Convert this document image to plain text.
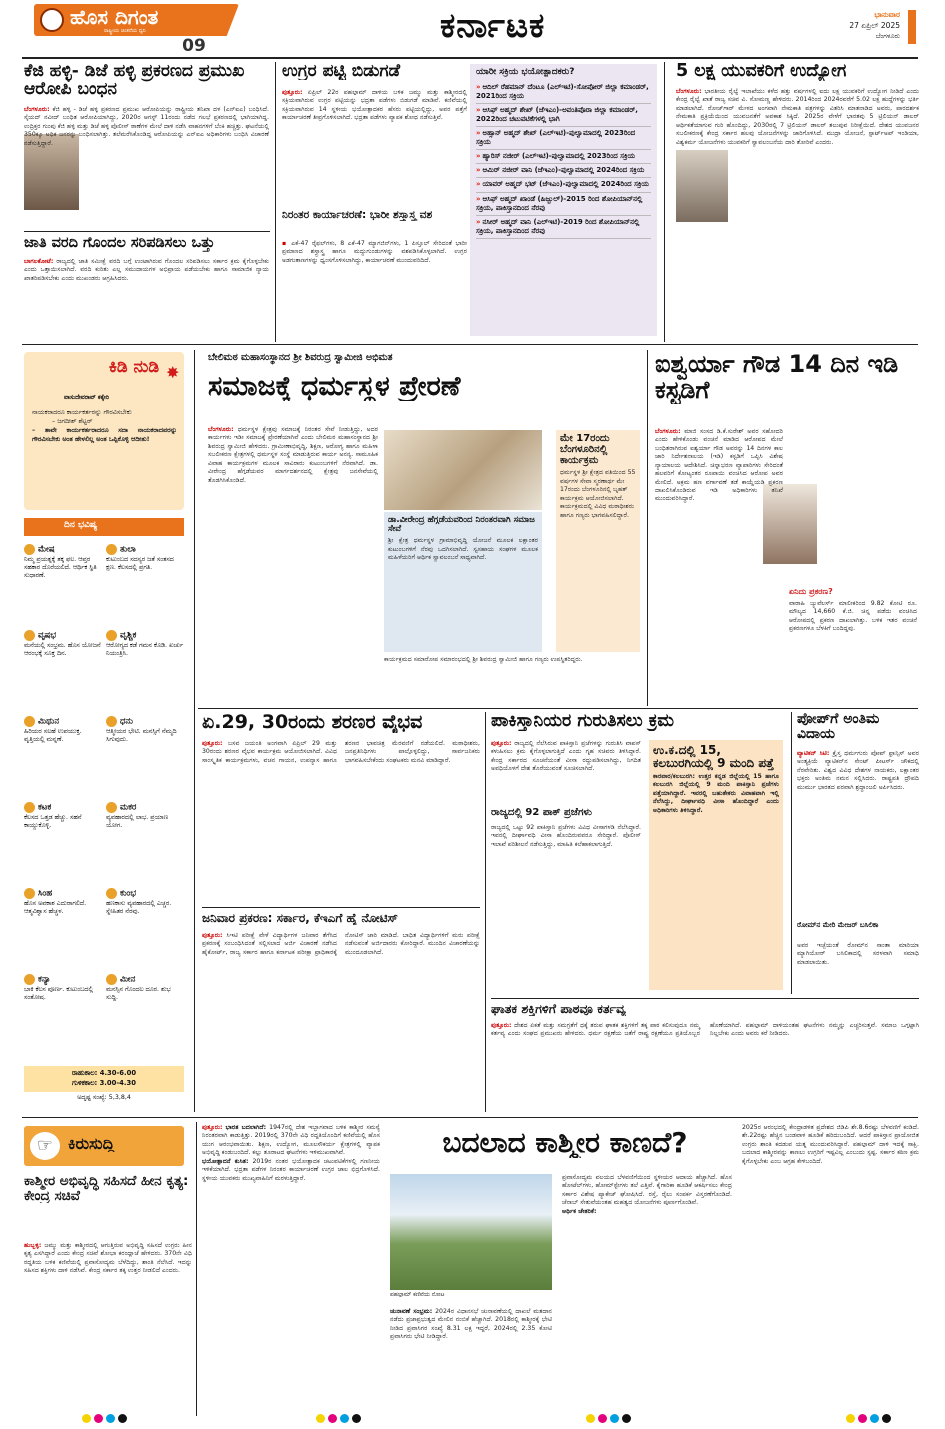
ಹೊಸ ದಿಗಂತ
ರಾಷ್ಟ್ರೀಯ ಚಿಂತನೆಯ ಧ್ವನಿ
09	ಕರ್ನಾಟಕ	ಭಾನುವಾರ
27 ಏಪ್ರಿಲ್ 2025
ಬೆಂಗಳೂರು
ಕೆಜಿ ಹಳ್ಳಿ- ಡಿಜೆ ಹಳ್ಳಿ ಪ್ರಕರಣದ ಪ್ರಮುಖ ಆರೋಪಿ ಬಂಧನ
ಬೆಂಗಳೂರು: ಕೆಜಿ ಹಳ್ಳಿ - ಡಿಜೆ ಹಳ್ಳಿ ಪ್ರಕರಣದ ಪ್ರಮುಖ ಆರೋಪಿಯನ್ನು ರಾಷ್ಟ್ರೀಯ ತನಿಖಾ ದಳ (ಎನ್‌ಐಎ) ಬಂಧಿಸಿದೆ. ಸೈಯದ್ ನವೀದ್ ಬಂಧಿತ ಆರೋಪಿಯಾಗಿದ್ದು, 2020ರ ಆಗಸ್ಟ್ 11ರಂದು ನಡೆದ ಗಲಭೆ ಪ್ರಕರಣದಲ್ಲಿ ಭಾಗಿಯಾಗಿದ್ದ. ಉದ್ರಿಕ್ತರ ಗುಂಪು ಕೆಜಿ ಹಳ್ಳಿ ಮತ್ತು ಡಿಜೆ ಹಳ್ಳಿ ಪೊಲೀಸ್ ಠಾಣೆಗಳ ಮೇಲೆ ದಾಳಿ ನಡೆಸಿ ವಾಹನಗಳಿಗೆ ಬೆಂಕಿ ಹಚ್ಚಿತ್ತು. ಘಟನೆಯಲ್ಲಿ 350ಕ್ಕೂ ಅಧಿಕ ಜನರನ್ನು ಬಂಧಿಸಲಾಗಿತ್ತು. ತಲೆಮರೆಸಿಕೊಂಡಿದ್ದ ಆರೋಪಿಯನ್ನು ಎನ್‌ಐಎ ಅಧಿಕಾರಿಗಳು ಬಂಧಿಸಿ ವಿಚಾರಣೆ ನಡೆಸುತ್ತಿದ್ದಾರೆ.
ಜಾತಿ ವರದಿ ಗೊಂದಲ ಸರಿಪಡಿಸಲು ಒತ್ತು
ಬಾಗಲಕೋಟೆ: ರಾಜ್ಯದಲ್ಲಿ ಜಾತಿ ಸಮೀಕ್ಷೆ ವರದಿ ಬಗ್ಗೆ ಉಂಟಾಗಿರುವ ಗೊಂದಲ ಸರಿಪಡಿಸಲು ಸರ್ಕಾರ ಕ್ರಮ ಕೈಗೊಳ್ಳಬೇಕು ಎಂದು ಒತ್ತಾಯಿಸಲಾಗಿದೆ. ವರದಿ ಕುರಿತು ಎಲ್ಲ ಸಮುದಾಯಗಳ ಅಭಿಪ್ರಾಯ ಪಡೆಯಬೇಕು ಹಾಗೂ ಸಾಮಾಜಿಕ ನ್ಯಾಯ ಖಾತರಿಪಡಿಸಬೇಕು ಎಂದು ಮುಖಂಡರು ಆಗ್ರಹಿಸಿದರು.
ಉಗ್ರರ ಪಟ್ಟಿ ಬಿಡುಗಡೆ
ಪುತ್ತೂರು: ಏಪ್ರಿಲ್ 22ರ ಪಹಲ್ಗಾಮ್ ದಾಳಿಯ ಬಳಿಕ ಜಮ್ಮು ಮತ್ತು ಕಾಶ್ಮೀರದಲ್ಲಿ ಸಕ್ರಿಯವಾಗಿರುವ ಉಗ್ರರ ಪಟ್ಟಿಯನ್ನು ಭದ್ರತಾ ಪಡೆಗಳು ಬಿಡುಗಡೆ ಮಾಡಿವೆ. ಕಣಿವೆಯಲ್ಲಿ ಸಕ್ರಿಯವಾಗಿರುವ 14 ಸ್ಥಳೀಯ ಭಯೋತ್ಪಾದಕರ ಹೆಸರು ಪಟ್ಟಿಯಲ್ಲಿದ್ದು, ಅವರ ಪತ್ತೆಗೆ ಕಾರ್ಯಾಚರಣೆ ತೀವ್ರಗೊಳಿಸಲಾಗಿದೆ. ಭದ್ರತಾ ಪಡೆಗಳು ವ್ಯಾಪಕ ಶೋಧ ನಡೆಸುತ್ತಿವೆ.
ನಿರಂತರ ಕಾರ್ಯಾಚರಣೆ: ಭಾರೀ ಶಸ್ತ್ರಾಸ್ತ್ರ ವಶ
▪ ಎಕೆ-47 ರೈಫಲ್‌ಗಳು, 8 ಎಕೆ-47 ಮ್ಯಾಗಜಿನ್‌ಗಳು, 1 ಪಿಸ್ತೂಲ್ ಸೇರಿದಂತೆ ಭಾರೀ ಪ್ರಮಾಣದ ಶಸ್ತ್ರಾಸ್ತ್ರ ಹಾಗೂ ಮದ್ದುಗುಂಡುಗಳನ್ನು ವಶಪಡಿಸಿಕೊಳ್ಳಲಾಗಿದೆ. ಉಗ್ರರ ಅಡಗುತಾಣಗಳನ್ನು ಧ್ವಂಸಗೊಳಿಸಲಾಗಿದ್ದು, ಕಾರ್ಯಾಚರಣೆ ಮುಂದುವರಿದಿದೆ.
ಯಾರೀ ಸಕ್ರಿಯ ಭಯೋತ್ಪಾದಕರು?
» ಆದಿಲ್ ರೆಹಮಾನ್ ದೆಂಟೂ (ಎಲ್‌ಇಟಿ)-ಸೋಪೋರ್ ಜಿಲ್ಲಾ ಕಮಾಂಡರ್, 2021ರಿಂದ ಸಕ್ರಿಯ
» ಆಸಿಫ್ ಅಹ್ಮದ್ ಶೇಖ್ (ಜೆಇಎಂ)-ಅವಂತಿಪೊರಾ ಜಿಲ್ಲಾ ಕಮಾಂಡರ್, 2022ರಿಂದ ಚಟುವಟಿಕೆಗಳಲ್ಲಿ ಭಾಗಿ
» ಅಹ್ಸಾನ್ ಅಹ್ಮದ್ ಶೇಖ್ (ಎಲ್‌ಇಟಿ)-ಪುಲ್ವಾಮಾದಲ್ಲಿ 2023ರಿಂದ ಸಕ್ರಿಯ
» ಹ್ಯಾರಿಸ್ ನಜೀರ್ (ಎಲ್‌ಇಟಿ)-ಪುಲ್ವಾಮಾದಲ್ಲಿ 2023ರಿಂದ ಸಕ್ರಿಯ
» ಆಮಿರ್ ನಜೀರ್ ವಾನಿ (ಜೆಇಎಂ)-ಪುಲ್ವಾಮಾದಲ್ಲಿ 2024ರಿಂದ ಸಕ್ರಿಯ
» ಯಾವರ್ ಅಹ್ಮದ್ ಭಟ್ (ಜೆಇಎಂ)-ಪುಲ್ವಾಮಾದಲ್ಲಿ 2024ರಿಂದ ಸಕ್ರಿಯ
» ಆಸಿಫ್ ಅಹ್ಮದ್ ಖಾಂಡೆ (ಹಿಜ್ಬುಲ್)-2015 ರಿಂದ ಶೋಪಿಯಾನ್‌ನಲ್ಲಿ ಸಕ್ರಿಯ, ಪಾಕಿಸ್ತಾನದಿಂದ ನೆರವು
» ನಸೀರ್ ಅಹ್ಮದ್ ವಾನಿ (ಎಲ್‌ಇಟಿ)-2019 ರಿಂದ ಶೋಪಿಯಾನ್‌ನಲ್ಲಿ ಸಕ್ರಿಯ, ಪಾಕಿಸ್ತಾನದಿಂದ ನೆರವು
5 ಲಕ್ಷ ಯುವಕರಿಗೆ ಉದ್ಯೋಗ
ಬೆಂಗಳೂರು: ಭಾರತೀಯ ರೈಲ್ವೆ ಇಲಾಖೆಯು ಕಳೆದ ಹತ್ತು ವರ್ಷಗಳಲ್ಲಿ ಐದು ಲಕ್ಷ ಯುವಕರಿಗೆ ಉದ್ಯೋಗ ನೀಡಿದೆ ಎಂದು ಕೇಂದ್ರ ರೈಲ್ವೆ ಖಾತೆ ರಾಜ್ಯ ಸಚಿವ ವಿ. ಸೋಮಣ್ಣ ಹೇಳಿದರು. 2014ರಿಂದ 2024ರವರೆಗೆ 5.02 ಲಕ್ಷ ಹುದ್ದೆಗಳನ್ನು ಭರ್ತಿ ಮಾಡಲಾಗಿದೆ. ರೋಜ್‌ಗಾರ್ ಮೇಳದ ಅಂಗವಾಗಿ ನೇಮಕಾತಿ ಪತ್ರಗಳನ್ನು ವಿತರಿಸಿ ಮಾತನಾಡಿದ ಅವರು, ಪಾರದರ್ಶಕ ನೇಮಕಾತಿ ಪ್ರಕ್ರಿಯೆಯಿಂದ ಯುವಜನತೆಗೆ ಅವಕಾಶ ಸಿಕ್ಕಿದೆ. 2025ರ ವೇಳೆಗೆ ಭಾರತವು 5 ಟ್ರಿಲಿಯನ್ ಡಾಲರ್ ಆರ್ಥಿಕತೆಯಾಗುವ ಗುರಿ ಹೊಂದಿದ್ದು, 2030ರಲ್ಲಿ 7 ಟ್ರಿಲಿಯನ್ ಡಾಲರ್ ತಲುಪುವ ನಿರೀಕ್ಷೆಯಿದೆ. ದೇಶದ ಯುವಜನರ ಸಬಲೀಕರಣಕ್ಕೆ ಕೇಂದ್ರ ಸರ್ಕಾರ ಹಲವು ಯೋಜನೆಗಳನ್ನು ಜಾರಿಗೊಳಿಸಿದೆ. ಮುದ್ರಾ ಯೋಜನೆ, ಸ್ಟಾರ್ಟ್ಅಪ್ ಇಂಡಿಯಾ, ವಿಶ್ವಕರ್ಮ ಯೋಜನೆಗಳು ಯುವಕರಿಗೆ ಸ್ವಾವಲಂಬನೆಯ ದಾರಿ ತೋರಿವೆ ಎಂದರು.
ಕಿಡಿ ನುಡಿ ✸
ವಾಸುದೇವರಾವ್ ಕಕ್ಕೇರಿ
ನಾಯಕರಾದರೂ ಕಾರ್ಯಕರ್ತರನ್ನು ಗೌರವಿಸಬೇಕು
– ಜಗದೀಶ್ ಶೆಟ್ಟರ್
– ತಾವೇ ಕಾರ್ಯಕರ್ತರಾದರೂ ಸದಾ ನಾಯಕರಾದವರನ್ನು ಗೌರವಿಸಬೇಕು ಅಂತ ಹೇಳಲಿಲ್ಲ ಅಂತ ಒಪ್ಪಿಕೊಳ್ಳಿ ಆದೀತು!
ದಿನ ಭವಿಷ್ಯ
ಮೇಷ
ನಿಮ್ಮ ಪ್ರಯತ್ನಕ್ಕೆ ತಕ್ಕ ಫಲ. ಆಪ್ತರ ಸಹಕಾರ ದೊರೆಯಲಿದೆ. ಆರ್ಥಿಕ ಸ್ಥಿತಿ ಸುಧಾರಣೆ.
ತುಲಾ
ಕುಟುಂಬದ ಸದಸ್ಯರ ಜತೆ ಸಂತಸದ ಕ್ಷಣ. ಕೆಲಸದಲ್ಲಿ ಪ್ರಗತಿ.
ವೃಷಭ
ಮನೆಯಲ್ಲಿ ಸಂಭ್ರಮ. ಹೊಸ ಯೋಜನೆ ಆರಂಭಕ್ಕೆ ಸೂಕ್ತ ದಿನ.
ವೃಶ್ಚಿಕ
ಆರೋಗ್ಯದ ಕಡೆ ಗಮನ ಕೊಡಿ. ಖರ್ಚು ನಿಯಂತ್ರಿಸಿ.
ಮಿಥುನ
ಹಿರಿಯರ ಸಲಹೆ ಉಪಯುಕ್ತ. ವೃತ್ತಿಯಲ್ಲಿ ಮನ್ನಣೆ.
ಧನು
ಆತ್ಮೀಯರ ಭೇಟಿ. ಮನಸ್ಸಿಗೆ ನೆಮ್ಮದಿ ಸಿಗುವುದು.
ಕಟಕ
ಕೆಲಸದ ಒತ್ತಡ ಹೆಚ್ಚು. ಸಹನೆ ಕಾಯ್ದುಕೊಳ್ಳಿ.
ಮಕರ
ವ್ಯವಹಾರದಲ್ಲಿ ಲಾಭ. ಪ್ರಯಾಣ ಯೋಗ.
ಸಿಂಹ
ಹೊಸ ಅವಕಾಶ ಎದುರಾಗಲಿದೆ. ಆತ್ಮವಿಶ್ವಾಸ ಹೆಚ್ಚಳ.
ಕುಂಭ
ಹಣಕಾಸು ವ್ಯವಹಾರದಲ್ಲಿ ಎಚ್ಚರ. ಸ್ನೇಹಿತರ ನೆರವು.
ಕನ್ಯಾ
ಬಾಕಿ ಕೆಲಸ ಪೂರ್ಣ. ಕುಟುಂಬದಲ್ಲಿ ಸಂತೋಷ.
ಮೀನ
ಮನಸ್ಸಿನ ಗೊಂದಲ ದೂರ. ಶುಭ ಸುದ್ದಿ.
ರಾಹುಕಾಲ: 4.30-6.00
ಗುಳಿಕಕಾಲ: 3.00-4.30
ಅದೃಷ್ಟ ಸಂಖ್ಯೆ: 5,3,8,4
ಬೇಲಿಮಠ ಮಹಾಸಂಸ್ಥಾನದ ಶ್ರೀ ಶಿವರುದ್ರ ಸ್ವಾಮೀಜಿ ಅಭಿಮತ
ಸಮಾಜಕ್ಕೆ ಧರ್ಮಸ್ಥಳ ಪ್ರೇರಣೆ
ಬೆಂಗಳೂರು: ಧರ್ಮಸ್ಥಳ ಕ್ಷೇತ್ರವು ಸಮಾಜಕ್ಕೆ ನಿರಂತರ ಸೇವೆ ನೀಡುತ್ತಿದ್ದು, ಅದರ ಕಾರ್ಯಗಳು ಇಡೀ ಸಮಾಜಕ್ಕೆ ಪ್ರೇರಣೆಯಾಗಿವೆ ಎಂದು ಬೇಲಿಮಠ ಮಹಾಸಂಸ್ಥಾನದ ಶ್ರೀ ಶಿವರುದ್ರ ಸ್ವಾಮೀಜಿ ಹೇಳಿದರು. ಗ್ರಾಮೀಣಾಭಿವೃದ್ಧಿ, ಶಿಕ್ಷಣ, ಆರೋಗ್ಯ ಹಾಗೂ ಮಹಿಳಾ ಸಬಲೀಕರಣ ಕ್ಷೇತ್ರಗಳಲ್ಲಿ ಧರ್ಮಸ್ಥಳ ಸಂಸ್ಥೆ ಮಾಡುತ್ತಿರುವ ಕಾರ್ಯ ಅನನ್ಯ. ಸಾಮೂಹಿಕ ವಿವಾಹ ಕಾರ್ಯಕ್ರಮಗಳ ಮೂಲಕ ಸಾವಿರಾರು ಕುಟುಂಬಗಳಿಗೆ ನೆರವಾಗಿದೆ. ಡಾ. ವೀರೇಂದ್ರ ಹೆಗ್ಗಡೆಯವರ ಮಾರ್ಗದರ್ಶನದಲ್ಲಿ ಕ್ಷೇತ್ರವು ಜನಸೇವೆಯಲ್ಲಿ ತೊಡಗಿಸಿಕೊಂಡಿದೆ.
ಡಾ.ವೀರೇಂದ್ರ ಹೆಗ್ಗಡೆಯವರಿಂದ ನಿರಂತರವಾಗಿ ಸಮಾಜ ಸೇವೆ
ಶ್ರೀ ಕ್ಷೇತ್ರ ಧರ್ಮಸ್ಥಳ ಗ್ರಾಮಾಭಿವೃದ್ಧಿ ಯೋಜನೆ ಮೂಲಕ ಲಕ್ಷಾಂತರ ಕುಟುಂಬಗಳಿಗೆ ನೆರವು ಒದಗಿಸಲಾಗಿದೆ. ಸ್ವಸಹಾಯ ಸಂಘಗಳ ಮೂಲಕ ಮಹಿಳೆಯರಿಗೆ ಆರ್ಥಿಕ ಸ್ವಾವಲಂಬನೆ ಸಾಧ್ಯವಾಗಿದೆ.
ಕಾರ್ಯಕ್ರಮದ ಸಮಾರೋಪ ಸಮಾರಂಭದಲ್ಲಿ ಶ್ರೀ ಶಿವರುದ್ರ ಸ್ವಾಮೀಜಿ ಹಾಗೂ ಗಣ್ಯರು ಉಪಸ್ಥಿತರಿದ್ದರು.
ಮೇ 17ರಂದು ಬೆಂಗಳೂರಿನಲ್ಲಿ ಕಾರ್ಯಕ್ರಮ
ಧರ್ಮಸ್ಥಳ ಶ್ರೀ ಕ್ಷೇತ್ರದ ವತಿಯಿಂದ 55 ವರ್ಷಗಳ ಸೇವಾ ಸ್ಮರಣಾರ್ಥ ಮೇ 17ರಂದು ಬೆಂಗಳೂರಿನಲ್ಲಿ ಬೃಹತ್ ಕಾರ್ಯಕ್ರಮ ಆಯೋಜಿಸಲಾಗಿದೆ. ಕಾರ್ಯಕ್ರಮದಲ್ಲಿ ವಿವಿಧ ಮಠಾಧೀಶರು ಹಾಗೂ ಗಣ್ಯರು ಭಾಗವಹಿಸಲಿದ್ದಾರೆ.
ಐಶ್ವರ್ಯಾ ಗೌಡ 14 ದಿನ ಇಡಿ ಕಸ್ಟಡಿಗೆ
ಬೆಂಗಳೂರು: ಮಾಜಿ ಸಂಸದ ಡಿ.ಕೆ.ಸುರೇಶ್ ಅವರ ಸಹೋದರಿ ಎಂದು ಹೇಳಿಕೊಂಡು ವಂಚನೆ ಮಾಡಿದ ಆರೋಪದ ಮೇಲೆ ಬಂಧಿತರಾಗಿರುವ ಐಶ್ವರ್ಯಾ ಗೌಡ ಅವರನ್ನು 14 ದಿನಗಳ ಕಾಲ ಜಾರಿ ನಿರ್ದೇಶನಾಲಯ (ಇಡಿ) ಕಸ್ಟಡಿಗೆ ಒಪ್ಪಿಸಿ ವಿಶೇಷ ನ್ಯಾಯಾಲಯ ಆದೇಶಿಸಿದೆ. ಚಿನ್ನಾಭರಣ ವ್ಯಾಪಾರಿಗಳು ಸೇರಿದಂತೆ ಹಲವರಿಗೆ ಕೋಟ್ಯಂತರ ರೂಪಾಯಿ ವಂಚಿಸಿದ ಆರೋಪ ಅವರ ಮೇಲಿದೆ. ಅಕ್ರಮ ಹಣ ವರ್ಗಾವಣೆ ತಡೆ ಕಾಯ್ದೆಯಡಿ ಪ್ರಕರಣ ದಾಖಲಿಸಿಕೊಂಡಿರುವ ಇಡಿ ಅಧಿಕಾರಿಗಳು ತನಿಖೆ ಮುಂದುವರಿಸಿದ್ದಾರೆ.
ಏನಿದು ಪ್ರಕರಣ?
ವಾರಾಹಿ ಜ್ಯುವೆಲರ್ಸ್ ಮಾಲೀಕರಿಂದ 9.82 ಕೋಟಿ ರೂ. ಮೌಲ್ಯದ 14,660 ಕೆ.ಜಿ. ಚಿನ್ನ ಪಡೆದು ವಂಚಿಸಿದ ಆರೋಪದಲ್ಲಿ ಪ್ರಕರಣ ದಾಖಲಾಗಿತ್ತು. ಬಳಿಕ ಇತರ ವಂಚನೆ ಪ್ರಕರಣಗಳೂ ಬೆಳಕಿಗೆ ಬಂದಿದ್ದವು.
ಏ.29, 30ರಂದು ಶರಣರ ವೈಭವ
ಪುತ್ತೂರು: ಬಸವ ಜಯಂತಿ ಅಂಗವಾಗಿ ಏಪ್ರಿಲ್ 29 ಮತ್ತು 30ರಂದು ಶರಣರ ವೈಭವ ಕಾರ್ಯಕ್ರಮ ಆಯೋಜಿಸಲಾಗಿದೆ. ವಿವಿಧ ಸಾಂಸ್ಕೃತಿಕ ಕಾರ್ಯಕ್ರಮಗಳು, ವಚನ ಗಾಯನ, ಉಪನ್ಯಾಸ ಹಾಗೂ ಶರಣರ ಭಾವಚಿತ್ರ ಮೆರವಣಿಗೆ ನಡೆಯಲಿದೆ. ಮಠಾಧೀಶರು, ಜನಪ್ರತಿನಿಧಿಗಳು ಪಾಲ್ಗೊಳ್ಳಲಿದ್ದು, ಸಾರ್ವಜನಿಕರು ಭಾಗವಹಿಸಬೇಕೆಂದು ಸಂಘಟಕರು ಮನವಿ ಮಾಡಿದ್ದಾರೆ.
ಜನಿವಾರ ಪ್ರಕರಣ: ಸರ್ಕಾರ, ಕೆಇಎಗೆ ಹೈ ನೋಟಿಸ್
ಪುತ್ತೂರು: ಸಿಇಟಿ ಪರೀಕ್ಷೆ ವೇಳೆ ವಿದ್ಯಾರ್ಥಿಗಳ ಜನಿವಾರ ತೆಗೆಸಿದ ಪ್ರಕರಣಕ್ಕೆ ಸಂಬಂಧಿಸಿದಂತೆ ಸಲ್ಲಿಸಲಾದ ಅರ್ಜಿ ವಿಚಾರಣೆ ನಡೆಸಿದ ಹೈಕೋರ್ಟ್, ರಾಜ್ಯ ಸರ್ಕಾರ ಹಾಗೂ ಕರ್ನಾಟಕ ಪರೀಕ್ಷಾ ಪ್ರಾಧಿಕಾರಕ್ಕೆ ನೋಟಿಸ್ ಜಾರಿ ಮಾಡಿದೆ. ಬಾಧಿತ ವಿದ್ಯಾರ್ಥಿಗಳಿಗೆ ಮರು ಪರೀಕ್ಷೆ ನಡೆಸುವಂತೆ ಅರ್ಜಿದಾರರು ಕೋರಿದ್ದಾರೆ. ಮುಂದಿನ ವಿಚಾರಣೆಯನ್ನು ಮುಂದೂಡಲಾಗಿದೆ.
ಪಾಕಿಸ್ತಾನಿಯರ ಗುರುತಿಸಲು ಕ್ರಮ
ಪುತ್ತೂರು: ರಾಜ್ಯದಲ್ಲಿ ನೆಲೆಸಿರುವ ಪಾಕಿಸ್ತಾನಿ ಪ್ರಜೆಗಳನ್ನು ಗುರುತಿಸಿ ವಾಪಸ್ ಕಳುಹಿಸಲು ಕ್ರಮ ಕೈಗೊಳ್ಳಲಾಗುತ್ತಿದೆ ಎಂದು ಗೃಹ ಸಚಿವರು ತಿಳಿಸಿದ್ದಾರೆ. ಕೇಂದ್ರ ಸರ್ಕಾರದ ಸೂಚನೆಯಂತೆ ವೀಸಾ ರದ್ದುಪಡಿಸಲಾಗಿದ್ದು, ನಿಗದಿತ ಅವಧಿಯೊಳಗೆ ದೇಶ ತೊರೆಯುವಂತೆ ಸೂಚಿಸಲಾಗಿದೆ.
ರಾಜ್ಯದಲ್ಲಿ 92 ಪಾಕ್ ಪ್ರಜೆಗಳು
ರಾಜ್ಯದಲ್ಲಿ ಒಟ್ಟು 92 ಪಾಕಿಸ್ತಾನಿ ಪ್ರಜೆಗಳು ವಿವಿಧ ವೀಸಾಗಳಡಿ ನೆಲೆಸಿದ್ದಾರೆ. ಇವರಲ್ಲಿ ದೀರ್ಘಾವಧಿ ವೀಸಾ ಹೊಂದಿರುವವರೂ ಸೇರಿದ್ದಾರೆ. ಪೊಲೀಸ್ ಇಲಾಖೆ ಪರಿಶೀಲನೆ ನಡೆಸುತ್ತಿದ್ದು, ಮಾಹಿತಿ ಕಲೆಹಾಕಲಾಗುತ್ತಿದೆ.
ಉ.ಕ.ದಲ್ಲಿ 15, ಕಲಬುರಗಿಯಲ್ಲಿ 9 ಮಂದಿ ಪತ್ತೆ
ಕಾರವಾರ/ಕಲಬುರಗಿ: ಉತ್ತರ ಕನ್ನಡ ಜಿಲ್ಲೆಯಲ್ಲಿ 15 ಹಾಗೂ ಕಲಬುರಗಿ ಜಿಲ್ಲೆಯಲ್ಲಿ 9 ಮಂದಿ ಪಾಕಿಸ್ತಾನಿ ಪ್ರಜೆಗಳು ಪತ್ತೆಯಾಗಿದ್ದಾರೆ. ಇವರಲ್ಲಿ ಬಹುತೇಕರು ವಿವಾಹವಾಗಿ ಇಲ್ಲಿ ನೆಲೆಸಿದ್ದು, ದೀರ್ಘಾವಧಿ ವೀಸಾ ಹೊಂದಿದ್ದಾರೆ ಎಂದು ಅಧಿಕಾರಿಗಳು ತಿಳಿಸಿದ್ದಾರೆ.
ಪೋಪ್‌ಗೆ ಅಂತಿಮ ವಿದಾಯ
ವ್ಯಾಟಿಕನ್ ಸಿಟಿ: ಕ್ರೈಸ್ತ ಧರ್ಮಗುರು ಪೋಪ್ ಫ್ರಾನ್ಸಿಸ್ ಅವರ ಅಂತ್ಯಕ್ರಿಯೆ ವ್ಯಾಟಿಕನ್‌ನ ಸೇಂಟ್ ಪೀಟರ್ಸ್ ಚೌಕದಲ್ಲಿ ನೆರವೇರಿತು. ವಿಶ್ವದ ವಿವಿಧ ದೇಶಗಳ ನಾಯಕರು, ಲಕ್ಷಾಂತರ ಭಕ್ತರು ಅಂತಿಮ ನಮನ ಸಲ್ಲಿಸಿದರು. ರಾಷ್ಟ್ರಪತಿ ದ್ರೌಪದಿ ಮುರ್ಮು ಭಾರತದ ಪರವಾಗಿ ಶ್ರದ್ಧಾಂಜಲಿ ಅರ್ಪಿಸಿದರು.
ರೋಮ್‌ನ ಮೇರಿ ಮೇಜರ್ ಬಸಿಲಿಕಾ
ಅವರ ಇಚ್ಛೆಯಂತೆ ರೋಮ್‌ನ ಸಾಂತಾ ಮಾರಿಯಾ ಮ್ಯಾಗಿಯೋರ್ ಬಸಿಲಿಕಾದಲ್ಲಿ ಸರಳವಾಗಿ ಸಮಾಧಿ ಮಾಡಲಾಯಿತು.
ಘಾತಕ ಶಕ್ತಿಗಳಿಗೆ ಪಾಠವೂ ಕರ್ತವ್ಯ
ಪುತ್ತೂರು: ದೇಶದ ಏಕತೆ ಮತ್ತು ಸಮಗ್ರತೆಗೆ ಧಕ್ಕೆ ತರುವ ಘಾತಕ ಶಕ್ತಿಗಳಿಗೆ ತಕ್ಕ ಪಾಠ ಕಲಿಸುವುದೂ ನಮ್ಮ ಕರ್ತವ್ಯ ಎಂದು ಸಂಘದ ಪ್ರಮುಖರು ಹೇಳಿದರು. ಧರ್ಮ ರಕ್ಷಣೆಯ ಜತೆಗೆ ರಾಷ್ಟ್ರ ರಕ್ಷಣೆಯೂ ಪ್ರತಿಯೊಬ್ಬರ ಹೊಣೆಯಾಗಿದೆ. ಪಹಲ್ಗಾಮ್ ದಾಳಿಯಂತಹ ಘಟನೆಗಳು ನಮ್ಮನ್ನು ಎಚ್ಚರಿಸುತ್ತವೆ. ಸಮಾಜ ಒಗ್ಗಟ್ಟಾಗಿ ನಿಲ್ಲಬೇಕು ಎಂದು ಅವರು ಕರೆ ನೀಡಿದರು.
☞ ಕಿರುಸುದ್ದಿ
ಕಾಶ್ಮೀರ ಅಭಿವೃದ್ಧಿ ಸಹಿಸದೆ ಹೀನ ಕೃತ್ಯ: ಕೇಂದ್ರ ಸಚಿವೆ
ಹುಬ್ಬಳ್ಳಿ: ಜಮ್ಮು ಮತ್ತು ಕಾಶ್ಮೀರದಲ್ಲಿ ಆಗುತ್ತಿರುವ ಅಭಿವೃದ್ಧಿ ಸಹಿಸದೆ ಉಗ್ರರು ಹೀನ ಕೃತ್ಯ ಎಸಗಿದ್ದಾರೆ ಎಂದು ಕೇಂದ್ರ ಸಚಿವೆ ಶೋಭಾ ಕರಂದ್ಲಾಜೆ ಹೇಳಿದರು. 370ನೇ ವಿಧಿ ರದ್ದತಿಯ ಬಳಿಕ ಕಣಿವೆಯಲ್ಲಿ ಪ್ರವಾಸೋದ್ಯಮ ಬೆಳೆದಿದ್ದು, ಶಾಂತಿ ನೆಲೆಸಿದೆ. ಇದನ್ನು ಸಹಿಸದ ಶಕ್ತಿಗಳು ದಾಳಿ ನಡೆಸಿವೆ. ಕೇಂದ್ರ ಸರ್ಕಾರ ತಕ್ಕ ಉತ್ತರ ನೀಡಲಿದೆ ಎಂದರು.
ಪುತ್ತೂರು: ಭಾರತ ಬದಲಾಗಿದೆ: 1947ರಲ್ಲಿ ದೇಶ ಇಬ್ಭಾಗವಾದ ಬಳಿಕ ಕಾಶ್ಮೀರ ಸಮಸ್ಯೆ ನಿರಂತರವಾಗಿ ಕಾಡುತ್ತಿತ್ತು. 2019ರಲ್ಲಿ 370ನೇ ವಿಧಿ ರದ್ದತಿಯೊಂದಿಗೆ ಕಣಿವೆಯಲ್ಲಿ ಹೊಸ ಯುಗ ಆರಂಭವಾಯಿತು. ಶಿಕ್ಷಣ, ಉದ್ಯೋಗ, ಮೂಲಸೌಕರ್ಯ ಕ್ಷೇತ್ರಗಳಲ್ಲಿ ವ್ಯಾಪಕ ಅಭಿವೃದ್ಧಿ ಕಂಡುಬಂದಿದೆ. ಕಲ್ಲು ತೂರಾಟದ ಘಟನೆಗಳು ಇಳಿಮುಖವಾಗಿವೆ.
ಭಯೋತ್ಪಾದನೆ ಕುಸಿತ: 2019ರ ನಂತರ ಭಯೋತ್ಪಾದಕ ಚಟುವಟಿಕೆಗಳಲ್ಲಿ ಗಣನೀಯ ಇಳಿಕೆಯಾಗಿದೆ. ಭದ್ರತಾ ಪಡೆಗಳ ನಿರಂತರ ಕಾರ್ಯಾಚರಣೆ ಉಗ್ರರ ಜಾಲ ಛಿದ್ರಗೊಳಿಸಿದೆ. ಸ್ಥಳೀಯ ಯುವಕರು ಮುಖ್ಯವಾಹಿನಿಗೆ ಮರಳುತ್ತಿದ್ದಾರೆ.
ಬದಲಾದ ಕಾಶ್ಮೀರ ಕಾಣದೆ?
ಪಹಲ್ಗಾಮ್ ಕಣಿವೆಯ ನೋಟ
ಚುನಾವಣೆ ಸಂಭ್ರಮ: 2024ರ ವಿಧಾನಸಭೆ ಚುನಾವಣೆಯಲ್ಲಿ ದಾಖಲೆ ಮತದಾನ ನಡೆದು ಪ್ರಜಾಪ್ರಭುತ್ವದ ಮೇಲಿನ ನಂಬಿಕೆ ಹೆಚ್ಚಾಗಿದೆ. 2018ರಲ್ಲಿ ಕಾಶ್ಮೀರಕ್ಕೆ ಭೇಟಿ ನೀಡಿದ ಪ್ರವಾಸಿಗರ ಸಂಖ್ಯೆ 8.31 ಲಕ್ಷ ಇದ್ದರೆ, 2024ರಲ್ಲಿ 2.35 ಕೋಟಿ ಪ್ರವಾಸಿಗರು ಭೇಟಿ ನೀಡಿದ್ದಾರೆ.
ಪ್ರವಾಸೋದ್ಯಮ ವಲಯದ ಬೆಳವಣಿಗೆಯಿಂದ ಸ್ಥಳೀಯರ ಆದಾಯ ಹೆಚ್ಚಾಗಿದೆ. ಹೊಸ ಹೋಟೆಲ್‌ಗಳು, ಹೋಮ್‌ಸ್ಟೇಗಳು ತಲೆ ಎತ್ತಿವೆ. ಕೈಗಾರಿಕಾ ಹೂಡಿಕೆ ಆಕರ್ಷಿಸಲು ಕೇಂದ್ರ ಸರ್ಕಾರ ವಿಶೇಷ ಪ್ಯಾಕೇಜ್ ಘೋಷಿಸಿದೆ. ರಸ್ತೆ, ರೈಲು ಸಂಪರ್ಕ ವಿಸ್ತರಣೆಗೊಂಡಿದೆ. ಚೆನಾಬ್ ಸೇತುವೆಯಂತಹ ಮಹತ್ವದ ಯೋಜನೆಗಳು ಪೂರ್ಣಗೊಂಡಿವೆ.
ಆರ್ಥಿಕ ಚೇತರಿಕೆ:
2025ರ ಆರಂಭದಲ್ಲಿ ಕೇಂದ್ರಾಡಳಿತ ಪ್ರದೇಶದ ಜಿಡಿಪಿ ಶೇ.8.6ರಷ್ಟು ಬೆಳವಣಿಗೆ ಕಂಡಿದೆ. ಶೇ.22ರಷ್ಟು ಹೆಚ್ಚಿನ ಬಂಡವಾಳ ಹೂಡಿಕೆ ಹರಿದುಬಂದಿದೆ. ಆದರೆ ಪಾಕಿಸ್ತಾನ ಪ್ರಾಯೋಜಿತ ಉಗ್ರರು ಶಾಂತಿ ಕದಡುವ ಯತ್ನ ಮುಂದುವರಿಸಿದ್ದಾರೆ. ಪಹಲ್ಗಾಮ್ ದಾಳಿ ಇದಕ್ಕೆ ಸಾಕ್ಷಿ. ಬದಲಾದ ಕಾಶ್ಮೀರವನ್ನು ಕಾಣಲು ಉಗ್ರರಿಗೆ ಇಷ್ಟವಿಲ್ಲ ಎಂಬುದು ಸ್ಪಷ್ಟ. ಸರ್ಕಾರ ಕಠಿಣ ಕ್ರಮ ಕೈಗೊಳ್ಳಬೇಕು ಎಂಬ ಆಗ್ರಹ ಕೇಳಿಬಂದಿದೆ.
